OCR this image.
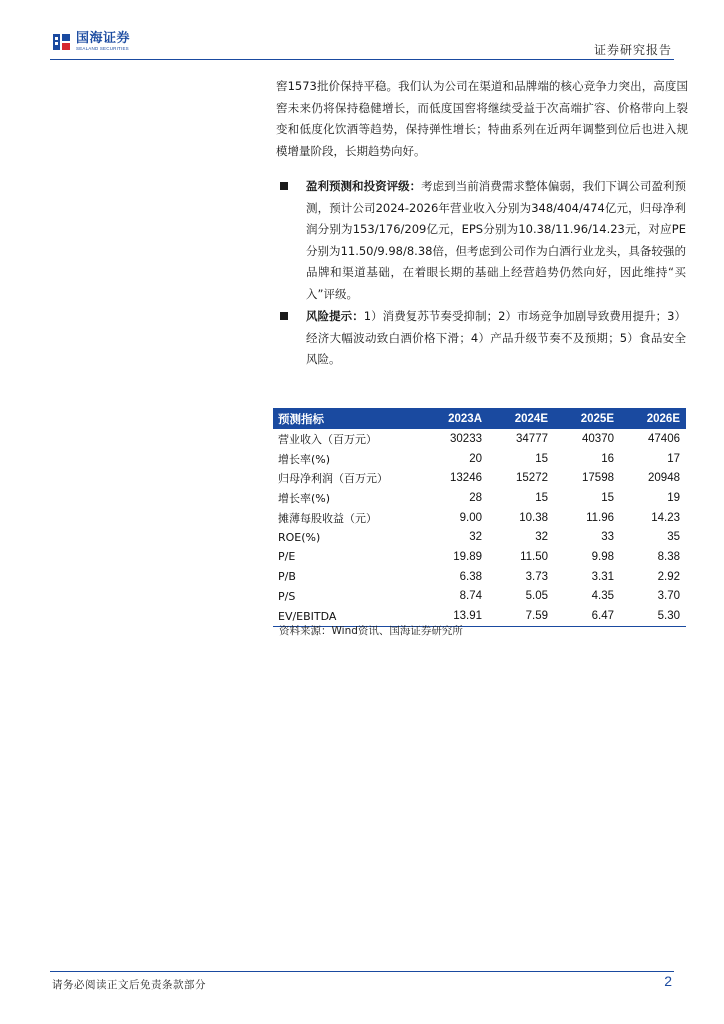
国海证券
SEALAND SECURITIES	证券研究报告
窖1573批价保持平稳。我们认为公司在渠道和品牌端的核心竞争力突出，高度国窖未来仍将保持稳健增长，而低度国窖将继续受益于次高端扩容、价格带向上裂变和低度化饮酒等趋势，保持弹性增长；特曲系列在近两年调整到位后也进入规模增量阶段，长期趋势向好。
盈利预测和投资评级：考虑到当前消费需求整体偏弱，我们下调公司盈利预测，预计公司2024-2026年营业收入分别为348/404/474亿元，归母净利润分别为153/176/209亿元，EPS分别为10.38/11.96/14.23元，对应PE分别为11.50/9.98/8.38倍，但考虑到公司作为白酒行业龙头，具备较强的品牌和渠道基础，在着眼长期的基础上经营趋势仍然向好，因此维持“买入”评级。
风险提示：1）消费复苏节奏受抑制；2）市场竞争加剧导致费用提升；3）经济大幅波动致白酒价格下滑；4）产品升级节奏不及预期；5）食品安全风险。
预测指标	2023A	2024E	2025E	2026E
营业收入（百万元）	30233	34777	40370	47406
增长率(%)	20	15	16	17
归母净利润（百万元）	13246	15272	17598	20948
增长率(%)	28	15	15	19
摊薄每股收益（元）	9.00	10.38	11.96	14.23
ROE(%)	32	32	33	35
P/E	19.89	11.50	9.98	8.38
P/B	6.38	3.73	3.31	2.92
P/S	8.74	5.05	4.35	3.70
EV/EBITDA	13.91	7.59	6.47	5.30
资料来源：Wind资讯、国海证券研究所
请务必阅读正文后免责条款部分	2
